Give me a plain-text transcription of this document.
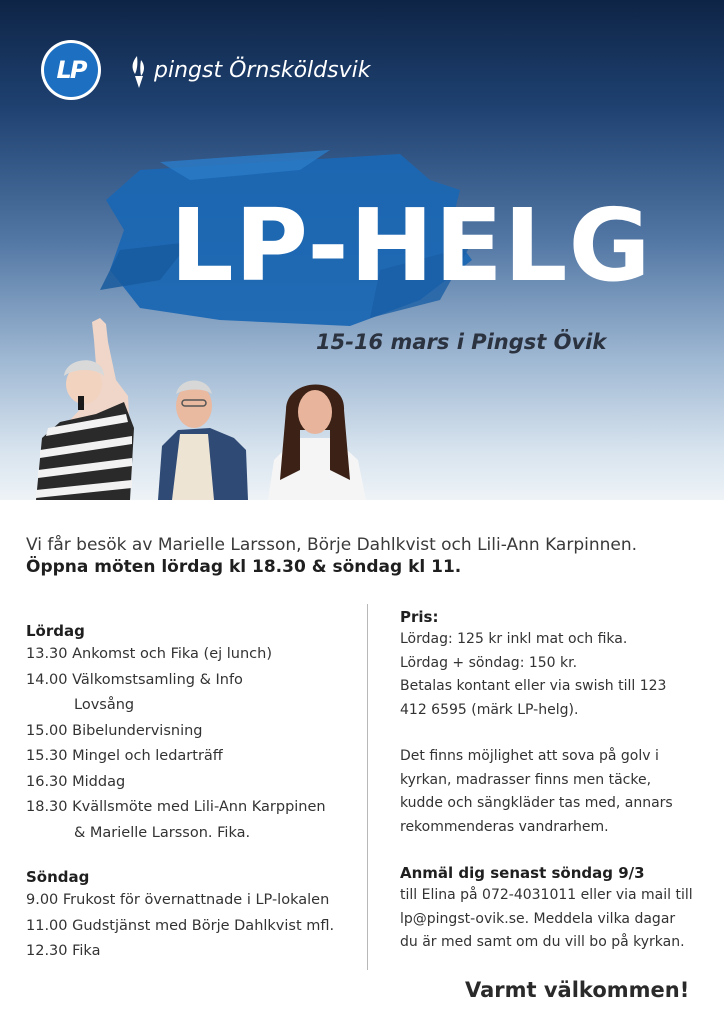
LP	pingst Örnsköldsvik
LP-HELG
15-16 mars i Pingst Övik
Vi får besök av Marielle Larsson, Börje Dahlkvist och Lili-Ann Karpinnen.
Öppna möten lördag kl 18.30 & söndag kl 11.
Lördag
13.30 Ankomst och Fika (ej lunch)
14.00 Välkomstsamling & Info
Lovsång
15.00 Bibelundervisning
15.30 Mingel och ledarträff
16.30 Middag
18.30 Kvällsmöte med Lili-Ann Karppinen
& Marielle Larsson. Fika.
Söndag
9.00 Frukost för övernattnade i LP-lokalen
11.00 Gudstjänst med Börje Dahlkvist mfl.
12.30 Fika
Pris:
Lördag: 125 kr inkl mat och fika.
Lördag + söndag: 150 kr.
Betalas kontant eller via swish till 123
412 6595 (märk LP-helg).
Det finns möjlighet att sova på golv i
kyrkan, madrasser finns men täcke,
kudde och sängkläder tas med, annars
rekommenderas vandrarhem.
Anmäl dig senast söndag 9/3
till Elina på 072-4031011 eller via mail till
lp@pingst-ovik.se. Meddela vilka dagar
du är med samt om du vill bo på kyrkan.
Varmt välkommen!
